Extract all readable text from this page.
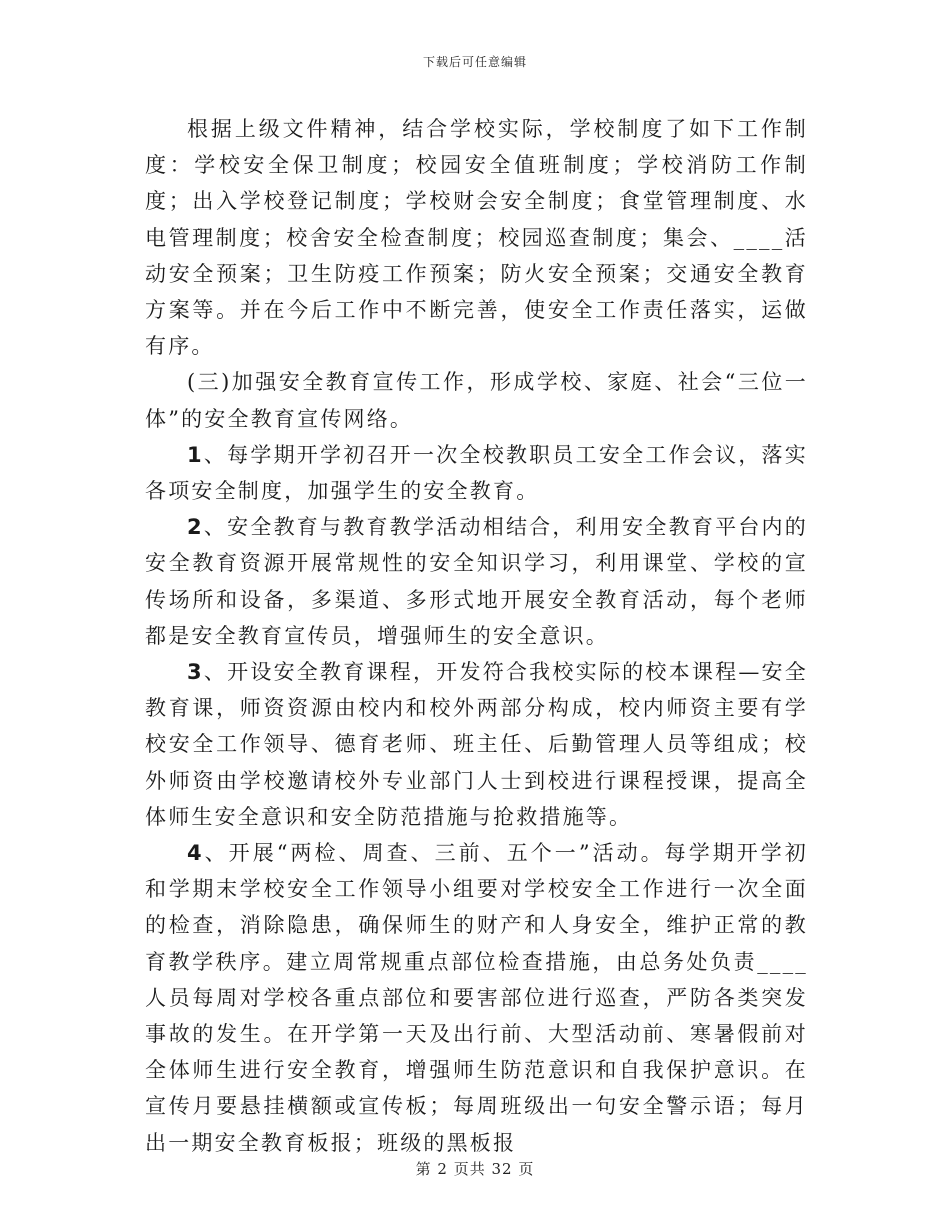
下载后可任意编辑

根据上级文件精神，结合学校实际，学校制度了如下工作制度：学校安全保卫制度；校园安全值班制度；学校消防工作制度；出入学校登记制度；学校财会安全制度；食堂管理制度、水电管理制度；校舍安全检查制度；校园巡查制度；集会、____活动安全预案；卫生防疫工作预案；防火安全预案；交通安全教育方案等。并在今后工作中不断完善，使安全工作责任落实，运做有序。

(三)加强安全教育宣传工作，形成学校、家庭、社会“三位一体”的安全教育宣传网络。

1、每学期开学初召开一次全校教职员工安全工作会议，落实各项安全制度，加强学生的安全教育。

2、安全教育与教育教学活动相结合，利用安全教育平台内的安全教育资源开展常规性的安全知识学习，利用课堂、学校的宣传场所和设备，多渠道、多形式地开展安全教育活动，每个老师都是安全教育宣传员，增强师生的安全意识。

3、开设安全教育课程，开发符合我校实际的校本课程—安全教育课，师资资源由校内和校外两部分构成，校内师资主要有学校安全工作领导、德育老师、班主任、后勤管理人员等组成；校外师资由学校邀请校外专业部门人士到校进行课程授课，提高全体师生安全意识和安全防范措施与抢救措施等。

4、开展“两检、周查、三前、五个一”活动。每学期开学初和学期末学校安全工作领导小组要对学校安全工作进行一次全面的检查，消除隐患，确保师生的财产和人身安全，维护正常的教育教学秩序。建立周常规重点部位检查措施，由总务处负责____人员每周对学校各重点部位和要害部位进行巡查，严防各类突发事故的发生。在开学第一天及出行前、大型活动前、寒暑假前对全体师生进行安全教育，增强师生防范意识和自我保护意识。在宣传月要悬挂横额或宣传板；每周班级出一句安全警示语；每月出一期安全教育板报；班级的黑板报

第 2 页共 32 页
